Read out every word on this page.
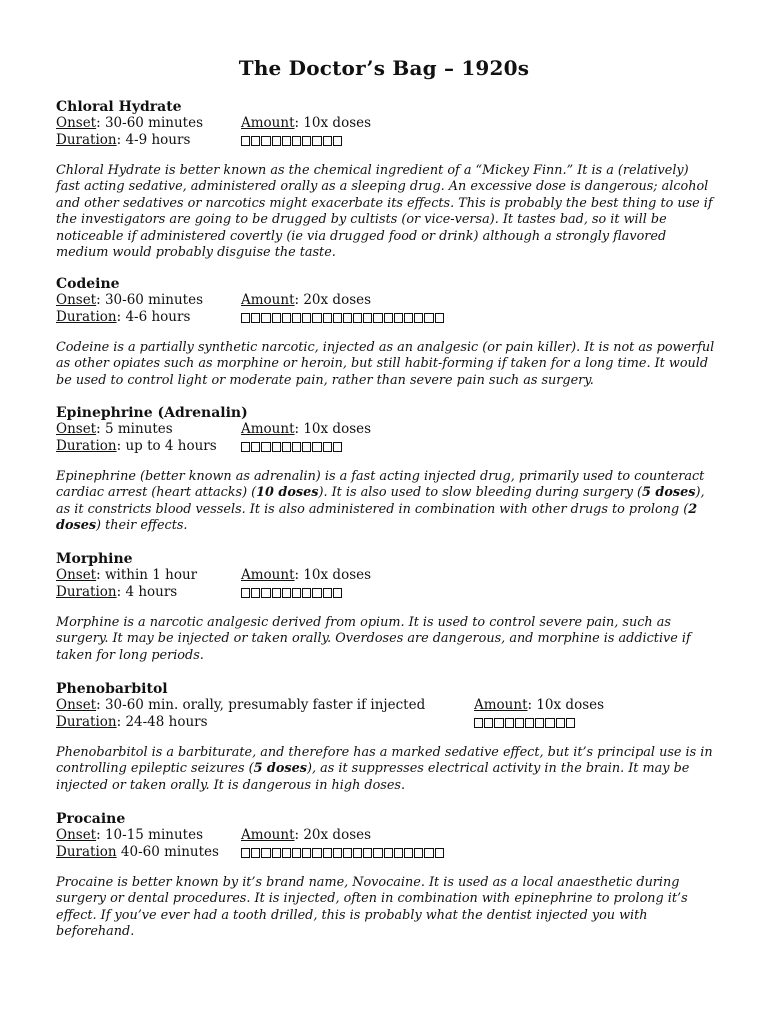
The Doctor’s Bag – 1920s
Chloral Hydrate
Onset: 30-60 minutes	Amount: 10x doses
Duration: 4-9 hours
Chloral Hydrate is better known as the chemical ingredient of a “Mickey Finn.” It is a (relatively) fast acting sedative, administered orally as a sleeping drug. An excessive dose is dangerous; alcohol and other sedatives or narcotics might exacerbate its effects. This is probably the best thing to use if the investigators are going to be drugged by cultists (or vice-versa). It tastes bad, so it will be noticeable if administered covertly (ie via drugged food or drink) although a strongly flavored medium would probably disguise the taste.
Codeine
Onset: 30-60 minutes	Amount: 20x doses
Duration: 4-6 hours
Codeine is a partially synthetic narcotic, injected as an analgesic (or pain killer). It is not as powerful as other opiates such as morphine or heroin, but still habit-forming if taken for a long time. It would be used to control light or moderate pain, rather than severe pain such as surgery.
Epinephrine (Adrenalin)
Onset: 5 minutes	Amount: 10x doses
Duration: up to 4 hours
Epinephrine (better known as adrenalin) is a fast acting injected drug, primarily used to counteract cardiac arrest (heart attacks) (10 doses). It is also used to slow bleeding during surgery (5 doses), as it constricts blood vessels. It is also administered in combination with other drugs to prolong (2 doses) their effects.
Morphine
Onset: within 1 hour	Amount: 10x doses
Duration: 4 hours
Morphine is a narcotic analgesic derived from opium. It is used to control severe pain, such as surgery. It may be injected or taken orally. Overdoses are dangerous, and morphine is addictive if taken for long periods.
Phenobarbitol
Onset: 30-60 min. orally, presumably faster if injected	Amount: 10x doses
Duration: 24-48 hours
Phenobarbitol is a barbiturate, and therefore has a marked sedative effect, but it’s principal use is in controlling epileptic seizures (5 doses), as it suppresses electrical activity in the brain. It may be injected or taken orally. It is dangerous in high doses.
Procaine
Onset: 10-15 minutes	Amount: 20x doses
Duration 40-60 minutes
Procaine is better known by it’s brand name, Novocaine. It is used as a local anaesthetic during surgery or dental procedures. It is injected, often in combination with epinephrine to prolong it’s effect. If you’ve ever had a tooth drilled, this is probably what the dentist injected you with beforehand.
